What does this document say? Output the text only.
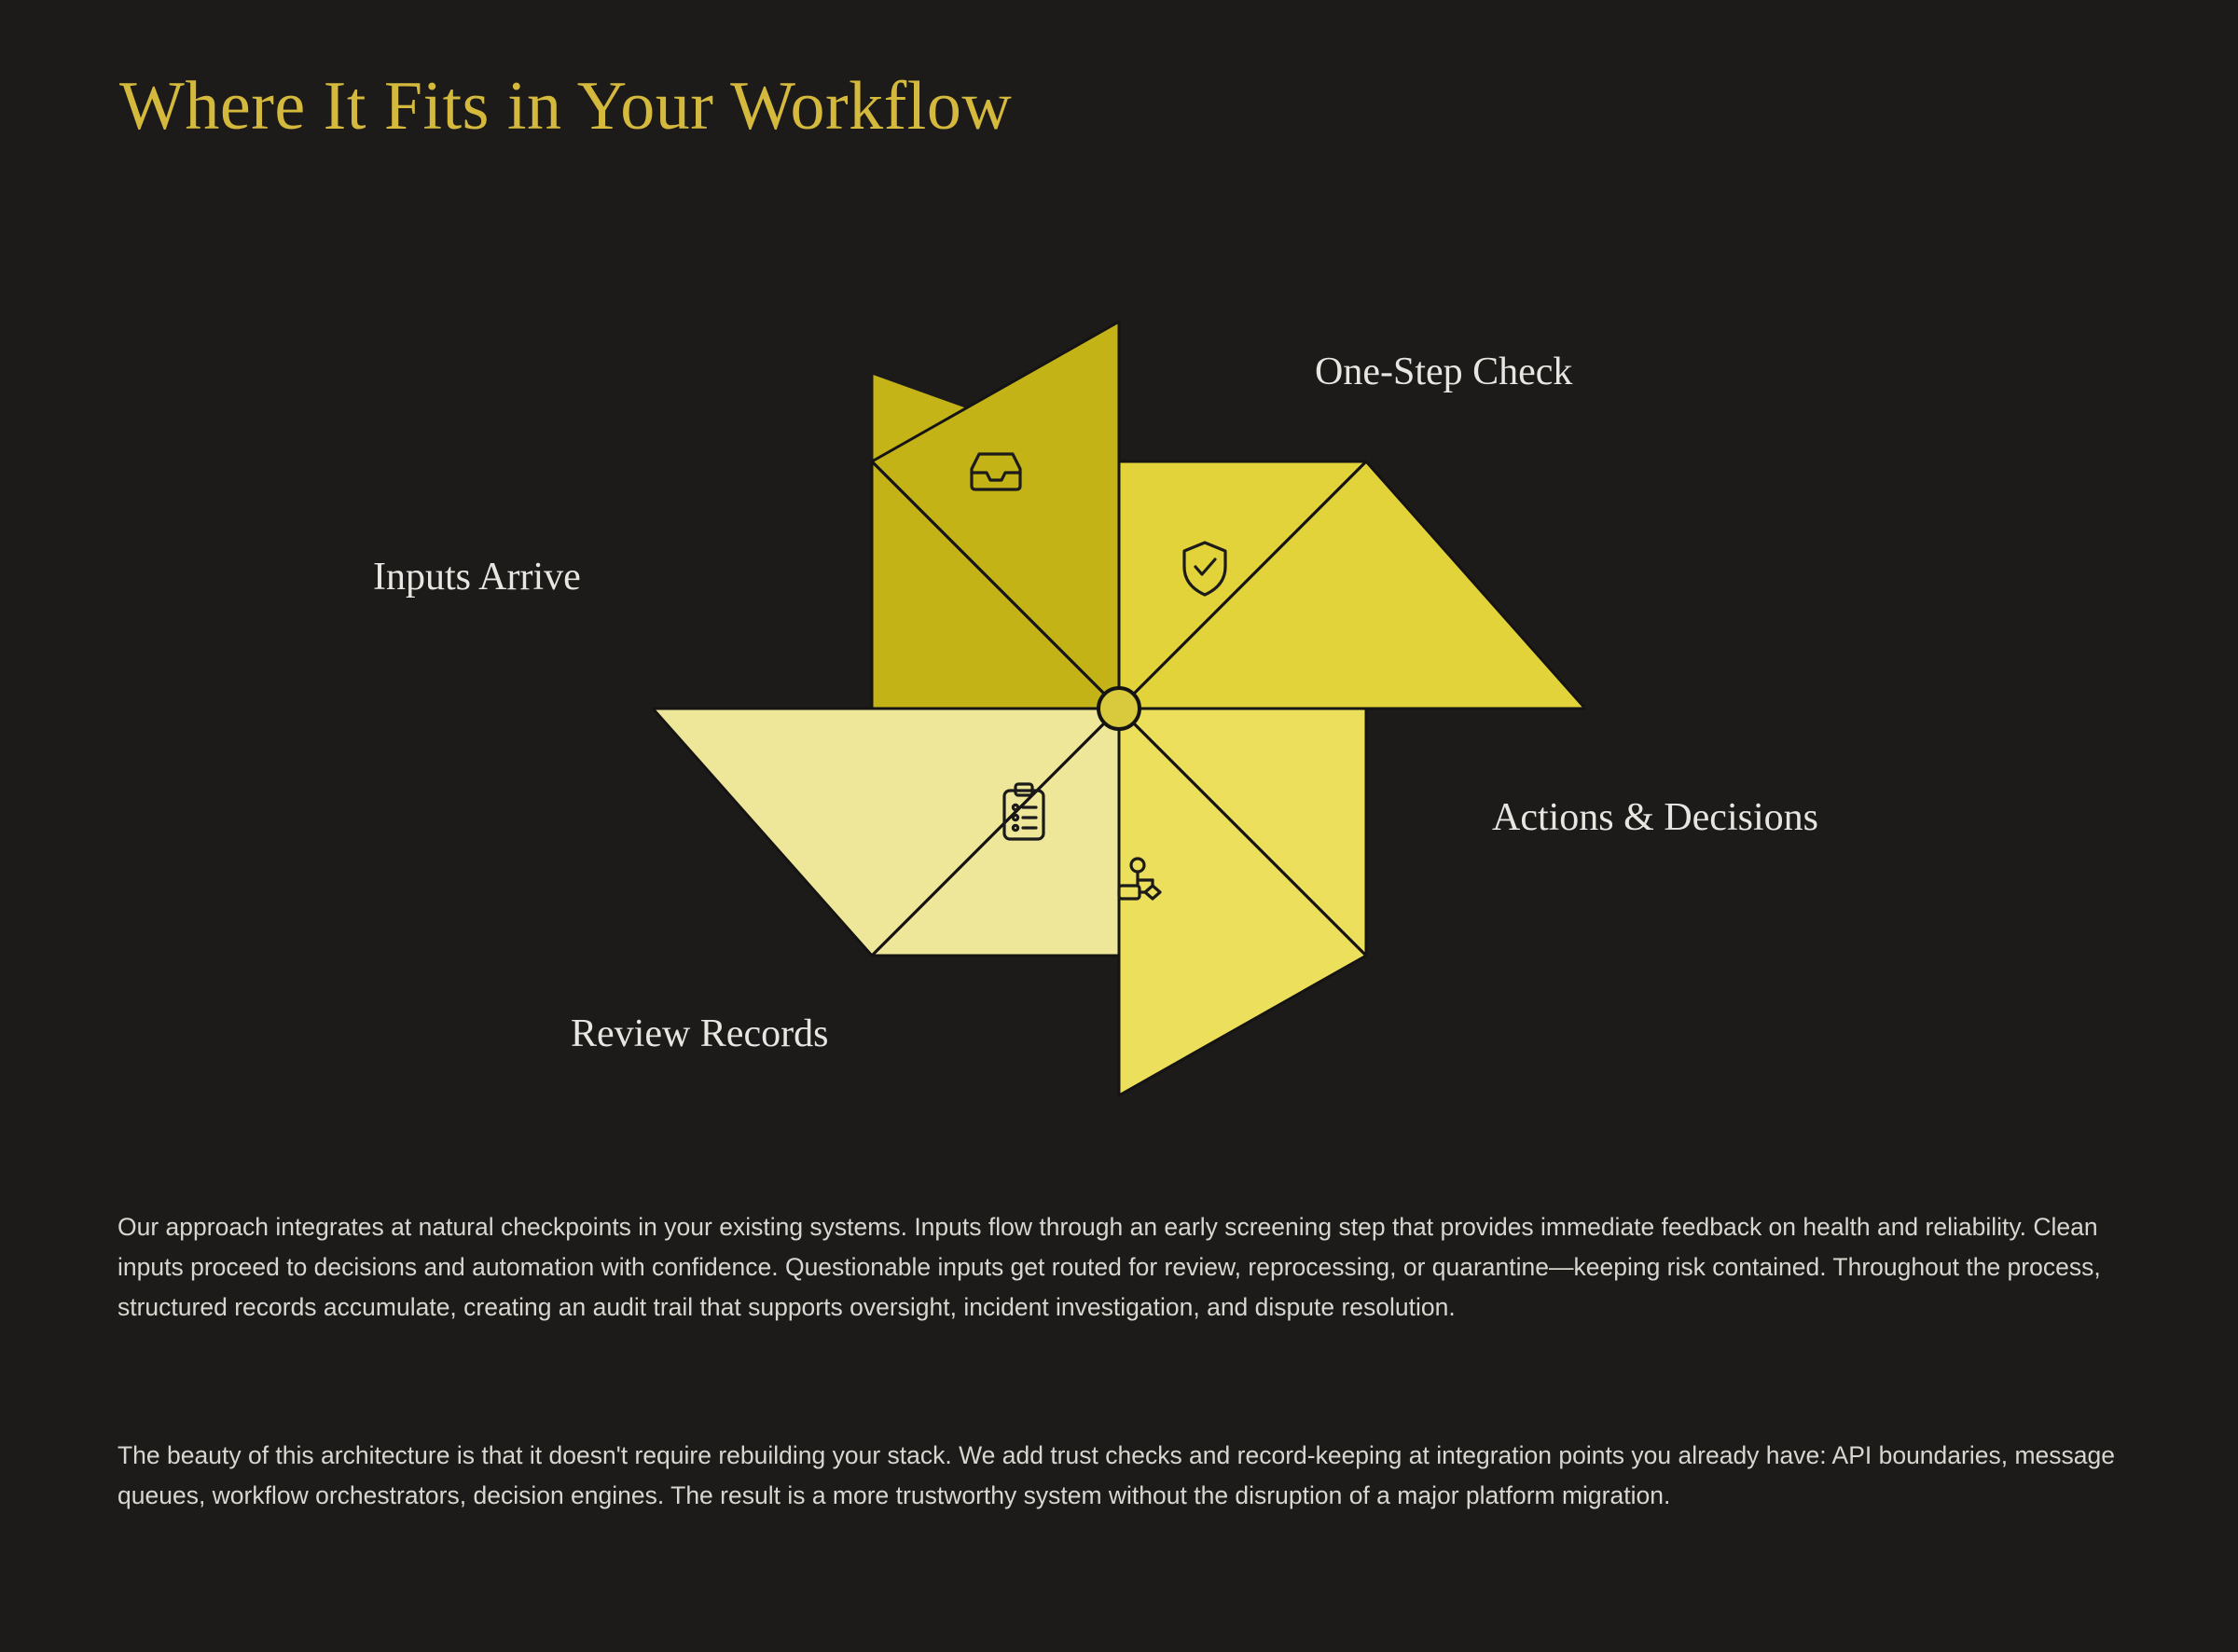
Where It Fits in Your Workflow
Inputs Arrive
One-Step Check
Actions & Decisions
Review Records
Our approach integrates at natural checkpoints in your existing systems. Inputs flow through an early screening step that provides immediate feedback on health and reliability. Clean inputs proceed to decisions and automation with confidence. Questionable inputs get routed for review, reprocessing, or quarantine—keeping risk contained. Throughout the process, structured records accumulate, creating an audit trail that supports oversight, incident investigation, and dispute resolution.
The beauty of this architecture is that it doesn't require rebuilding your stack. We add trust checks and record-keeping at integration points you already have: API boundaries, message queues, workflow orchestrators, decision engines. The result is a more trustworthy system without the disruption of a major platform migration.
